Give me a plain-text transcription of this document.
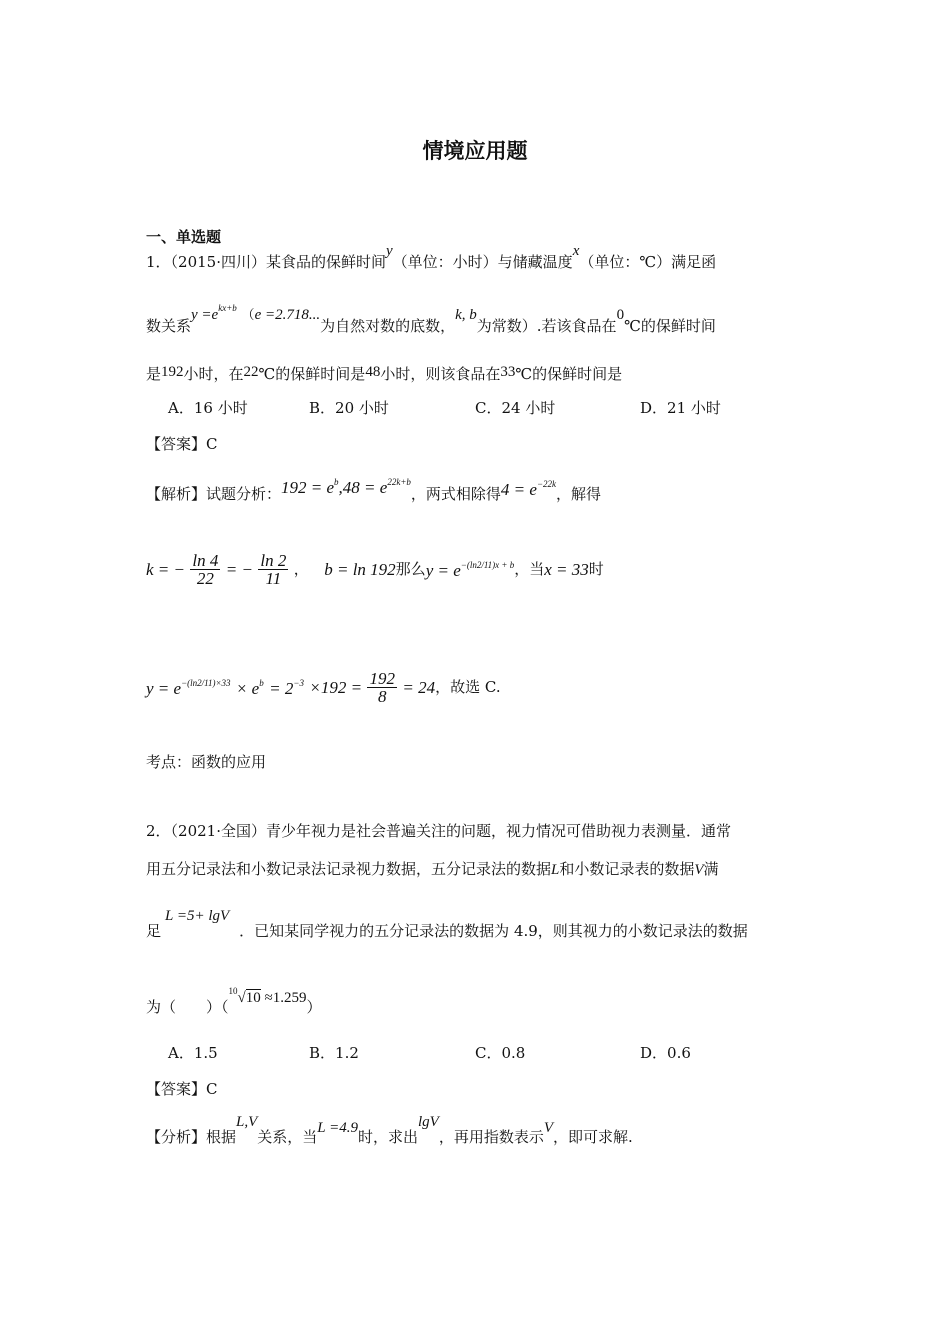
情境应用题
一、单选题
1．（2015·四川）某食品的保鲜时间y（单位：小时）与储藏温度x（单位：℃）满足函
数关系$y =e^{kx+b}$ （e =2.718...为自然对数的底数，k, b为常数）.若该食品在0℃的保鲜时间
是192小时，在22℃的保鲜时间是48小时，则该食品在33℃的保鲜时间是
A．16 小时	B．20 小时	C．24 小时	D．21 小时
【答案】C
【解析】试题分析：$192 = e^b,48 = e^{22k+b}$，两式相除得$4 = e^{-22k}$，解得
k = − $\frac{\ln 4}{22}$ = − $\frac{\ln 2}{11}$ ， b = ln 192那么$y = e^{-(ln2/11)x + b}$，当x = 33时
$y = e^{-(ln2/11)\times 33} \times e^b = 2^{-3} \times 192 = \frac{192}{8} = 24$，故选 C.
考点：函数的应用
2．（2021·全国）青少年视力是社会普遍关注的问题，视力情况可借助视力表测量．通常
用五分记录法和小数记录法记录视力数据，五分记录法的数据L和小数记录表的数据V满
足L =5+ lgV．已知某同学视力的五分记录法的数据为 4.9，则其视力的小数记录法的数据
为（　　）（$^{10}$√10 ≈1.259）
A．1.5	B．1.2	C．0.8	D．0.6
【答案】C
【分析】根据L,V关系，当L =4.9时，求出lgV，再用指数表示V，即可求解.
